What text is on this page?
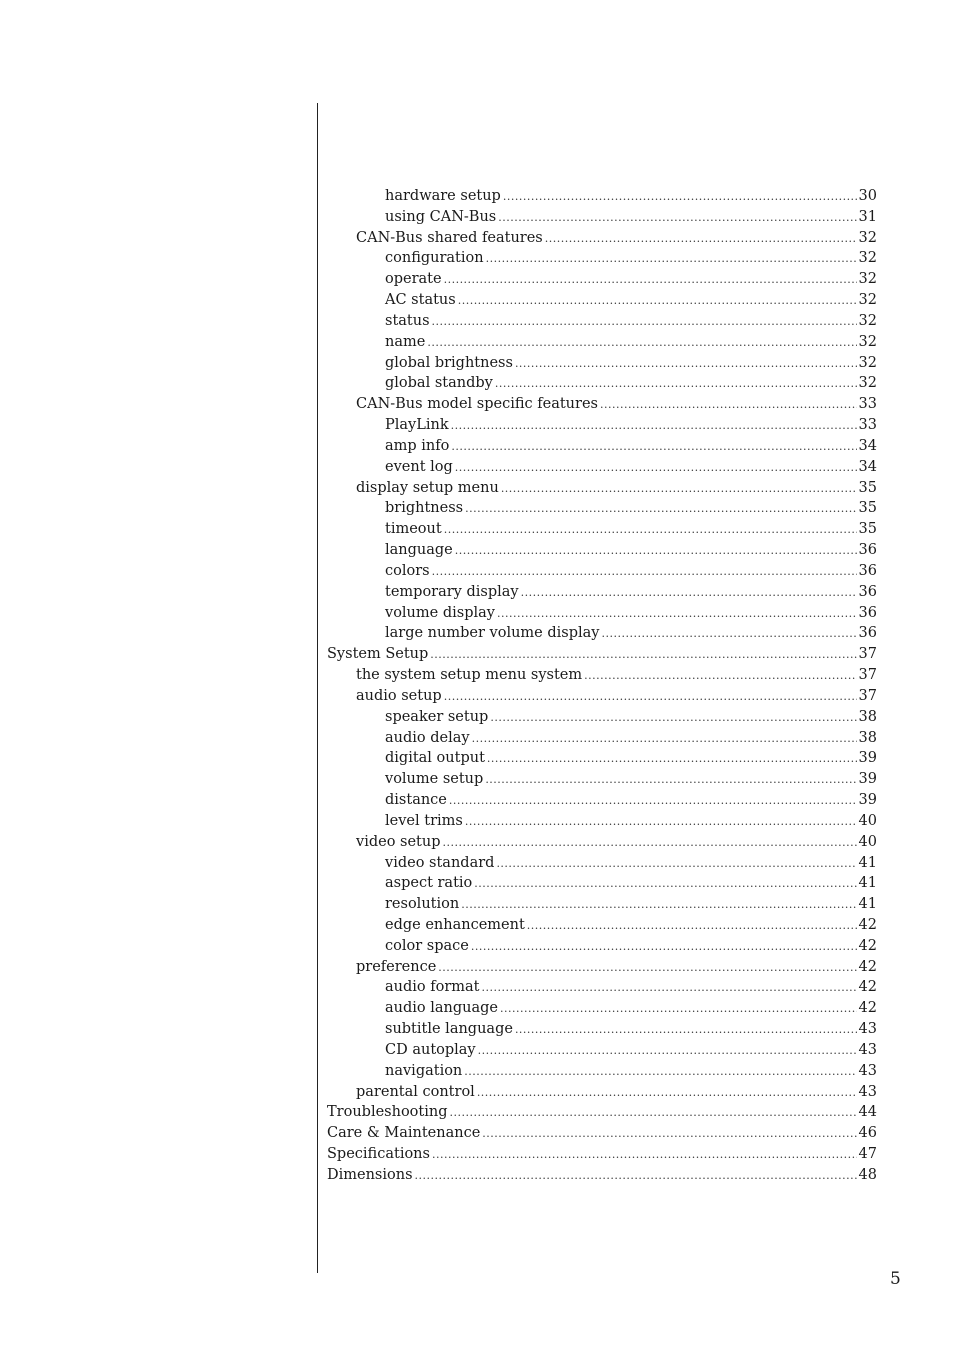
hardware setup .....	30
using CAN-Bus .....	31
CAN-Bus shared features .....	32
configuration .....	32
operate .....	32
AC status .....	32
status .....	32
name .....	32
global brightness .....	32
global standby .....	32
CAN-Bus model specific features .....	33
PlayLink .....	33
amp info .....	34
event log .....	34
display setup menu .....	35
brightness .....	35
timeout .....	35
language .....	36
colors .....	36
temporary display .....	36
volume display .....	36
large number volume display .....	36
System Setup .....	37
the system setup menu system .....	37
audio setup .....	37
speaker setup .....	38
audio delay .....	38
digital output .....	39
volume setup .....	39
distance .....	39
level trims .....	40
video setup .....	40
video standard .....	41
aspect ratio .....	41
resolution .....	41
edge enhancement .....	42
color space .....	42
preference .....	42
audio format .....	42
audio language .....	42
subtitle language .....	43
CD autoplay .....	43
navigation .....	43
parental control .....	43
Troubleshooting .....	44
Care & Maintenance .....	46
Specifications .....	47
Dimensions .....	48
5
